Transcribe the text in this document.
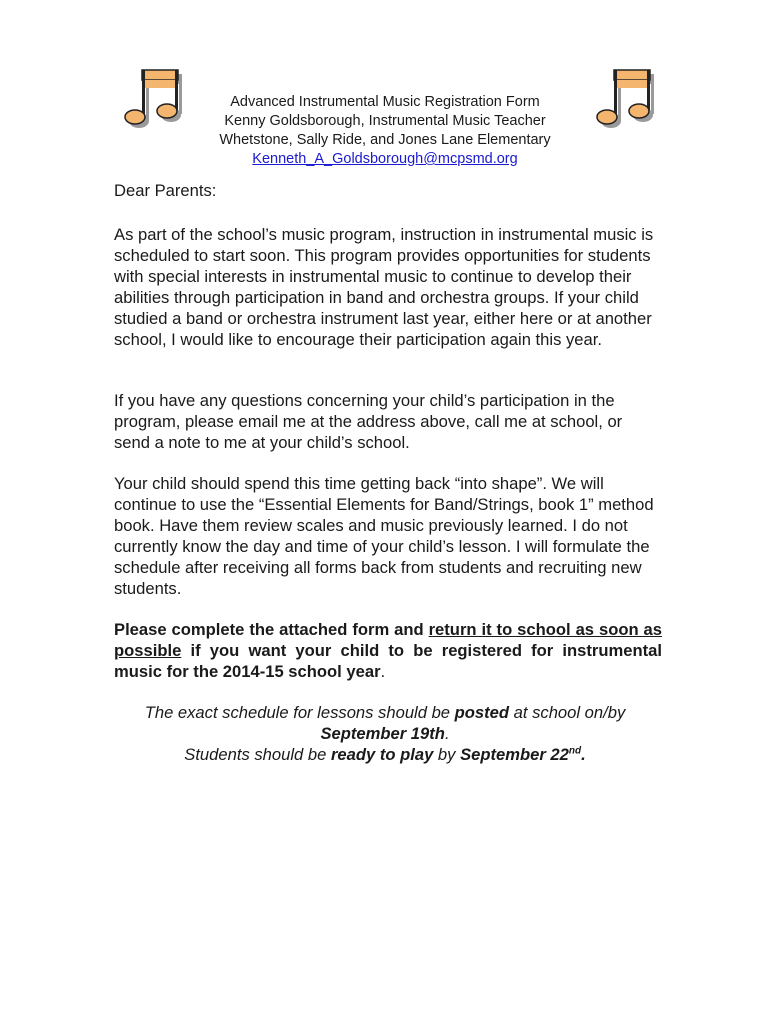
Advanced Instrumental Music Registration Form
Kenny Goldsborough, Instrumental Music Teacher
Whetstone, Sally Ride, and Jones Lane Elementary
Kenneth_A_Goldsborough@mcpsmd.org
Dear Parents:
As part of the school’s music program, instruction in instrumental music is scheduled to start soon. This program provides opportunities for students with special interests in instrumental music to continue to develop their abilities through participation in band and orchestra groups. If your child studied a band or orchestra instrument last year, either here or at another school, I would like to encourage their participation again this year.
If you have any questions concerning your child’s participation in the program, please email me at the address above, call me at school, or send a note to me at your child’s school.
Your child should spend this time getting back “into shape”. We will continue to use the “Essential Elements for Band/Strings, book 1” method book. Have them review scales and music previously learned. I do not currently know the day and time of your child’s lesson. I will formulate the schedule after receiving all forms back from students and recruiting new students.
Please complete the attached form and return it to school as soon as possible if you want your child to be registered for instrumental music for the 2014-15 school year.
The exact schedule for lessons should be posted at school on/by
September 19th.
Students should be ready to play by September 22nd.
